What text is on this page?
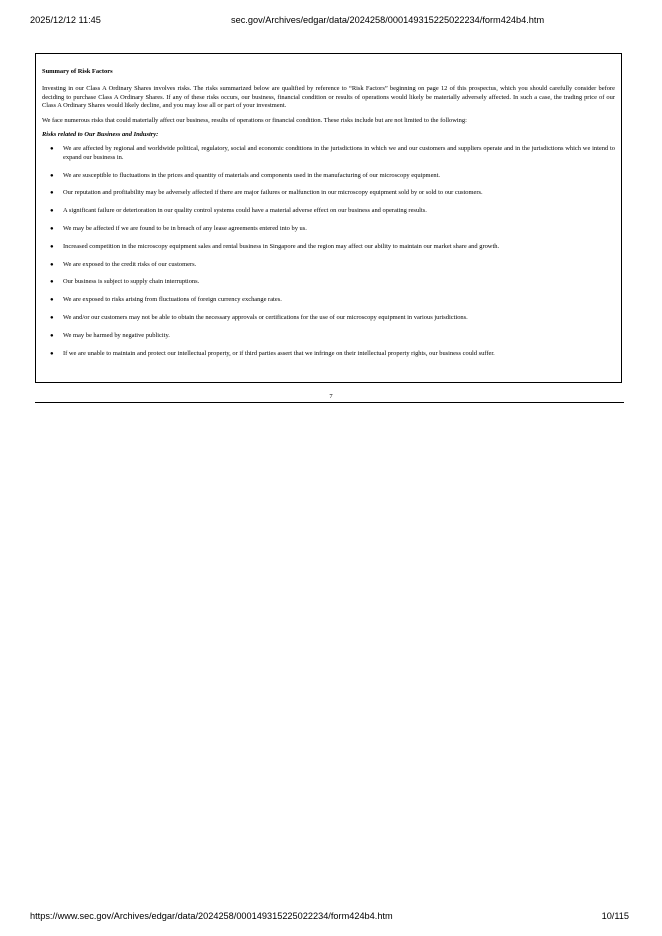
2025/12/12 11:45	sec.gov/Archives/edgar/data/2024258/000149315225022234/form424b4.htm

Summary of Risk Factors

Investing in our Class A Ordinary Shares involves risks. The risks summarized below are qualified by reference to “Risk Factors” beginning on page 12 of this prospectus, which you should carefully consider before deciding to purchase Class A Ordinary Shares. If any of these risks occurs, our business, financial condition or results of operations would likely be materially adversely affected. In such a case, the trading price of our Class A Ordinary Shares would likely decline, and you may lose all or part of your investment.

We face numerous risks that could materially affect our business, results of operations or financial condition. These risks include but are not limited to the following:

Risks related to Our Business and Industry:

● We are affected by regional and worldwide political, regulatory, social and economic conditions in the jurisdictions in which we and our customers and suppliers operate and in the jurisdictions which we intend to expand our business in.
● We are susceptible to fluctuations in the prices and quantity of materials and components used in the manufacturing of our microscopy equipment.
● Our reputation and profitability may be adversely affected if there are major failures or malfunction in our microscopy equipment sold by or sold to our customers.
● A significant failure or deterioration in our quality control systems could have a material adverse effect on our business and operating results.
● We may be affected if we are found to be in breach of any lease agreements entered into by us.
● Increased competition in the microscopy equipment sales and rental business in Singapore and the region may affect our ability to maintain our market share and growth.
● We are exposed to the credit risks of our customers.
● Our business is subject to supply chain interruptions.
● We are exposed to risks arising from fluctuations of foreign currency exchange rates.
● We and/or our customers may not be able to obtain the necessary approvals or certifications for the use of our microscopy equipment in various jurisdictions.
● We may be harmed by negative publicity.
● If we are unable to maintain and protect our intellectual property, or if third parties assert that we infringe on their intellectual property rights, our business could suffer.
7
https://www.sec.gov/Archives/edgar/data/2024258/000149315225022234/form424b4.htm	10/115
